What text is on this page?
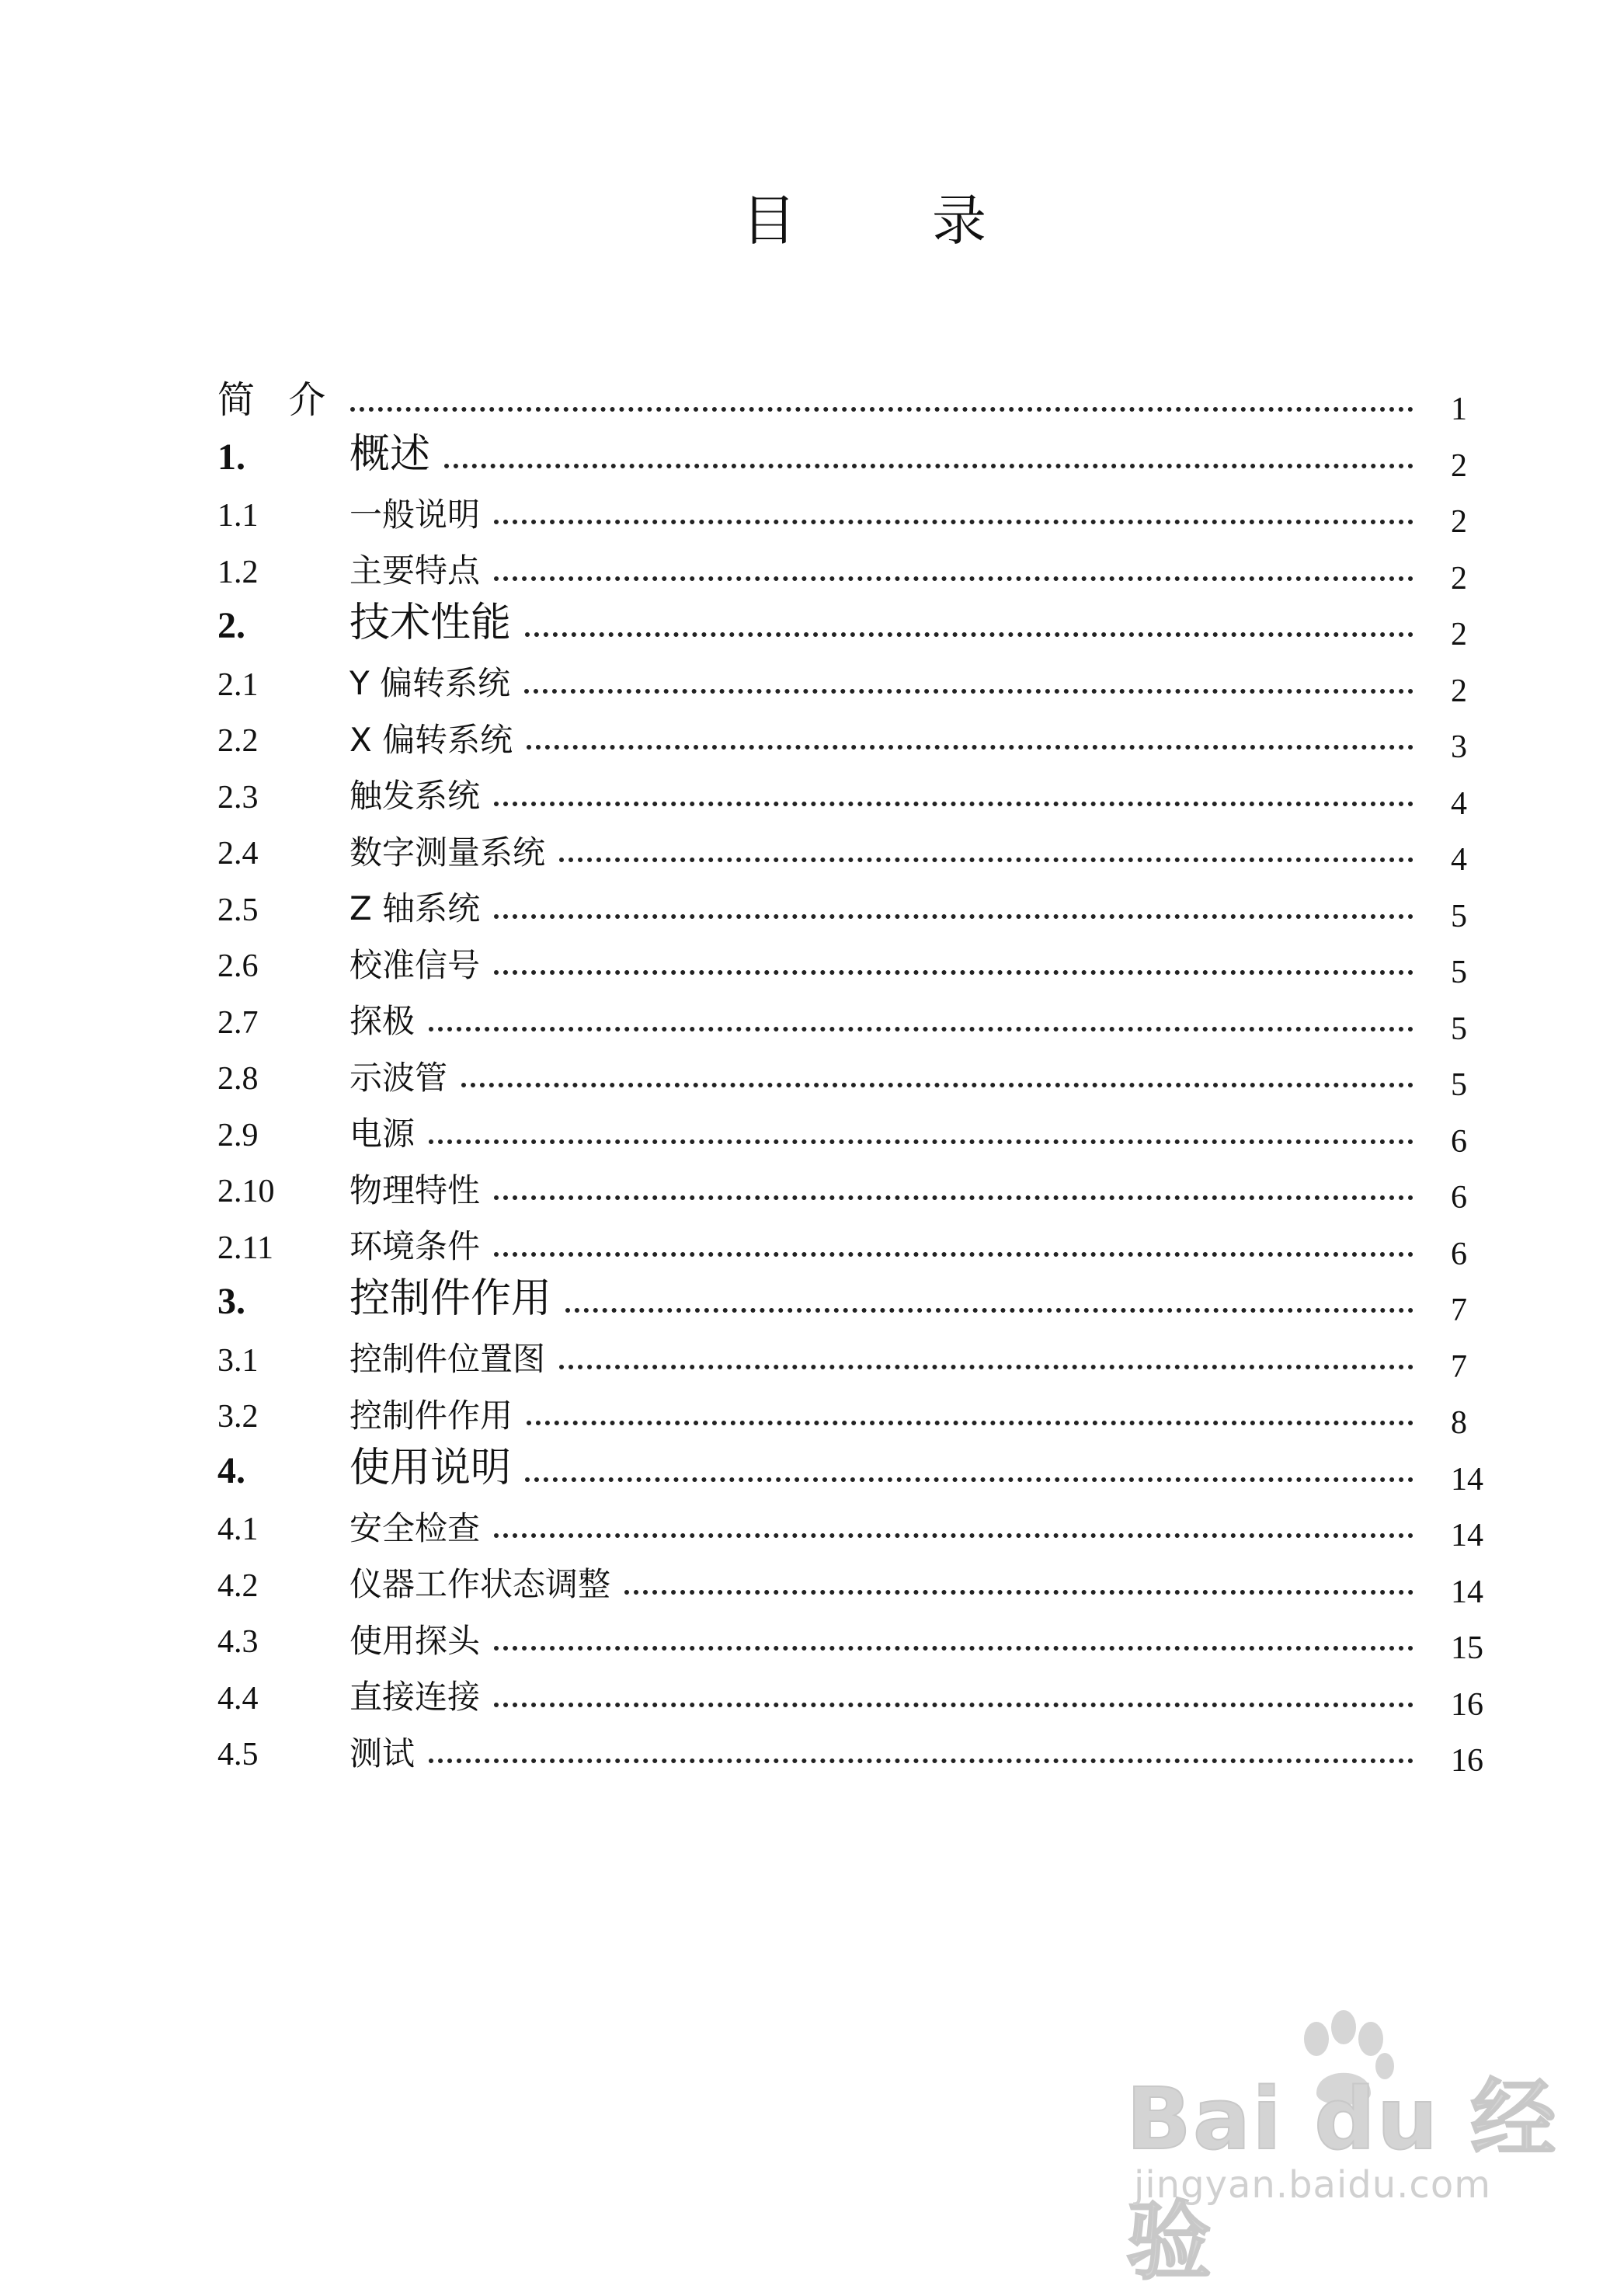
目	录
简 介	1
1.	概述	2
1.1	一般说明	2
1.2	主要特点	2
2.	技术性能	2
2.1	Y 偏转系统	2
2.2	X 偏转系统	3
2.3	触发系统	4
2.4	数字测量系统	4
2.5	Z 轴系统	5
2.6	校准信号	5
2.7	探极	5
2.8	示波管	5
2.9	电源	6
2.10 物理特性	6
2.11 环境条件	6
3.	控制件作用	7
3.1	控制件位置图	7
3.2	控制件作用	8
4.	使用说明	14
4.1	安全检查	14
4.2	仪器工作状态调整	14
4.3	使用探头	15
4.4	直接连接	16
4.5	测试	16
Bai du 经验
jingyan.baidu.com
